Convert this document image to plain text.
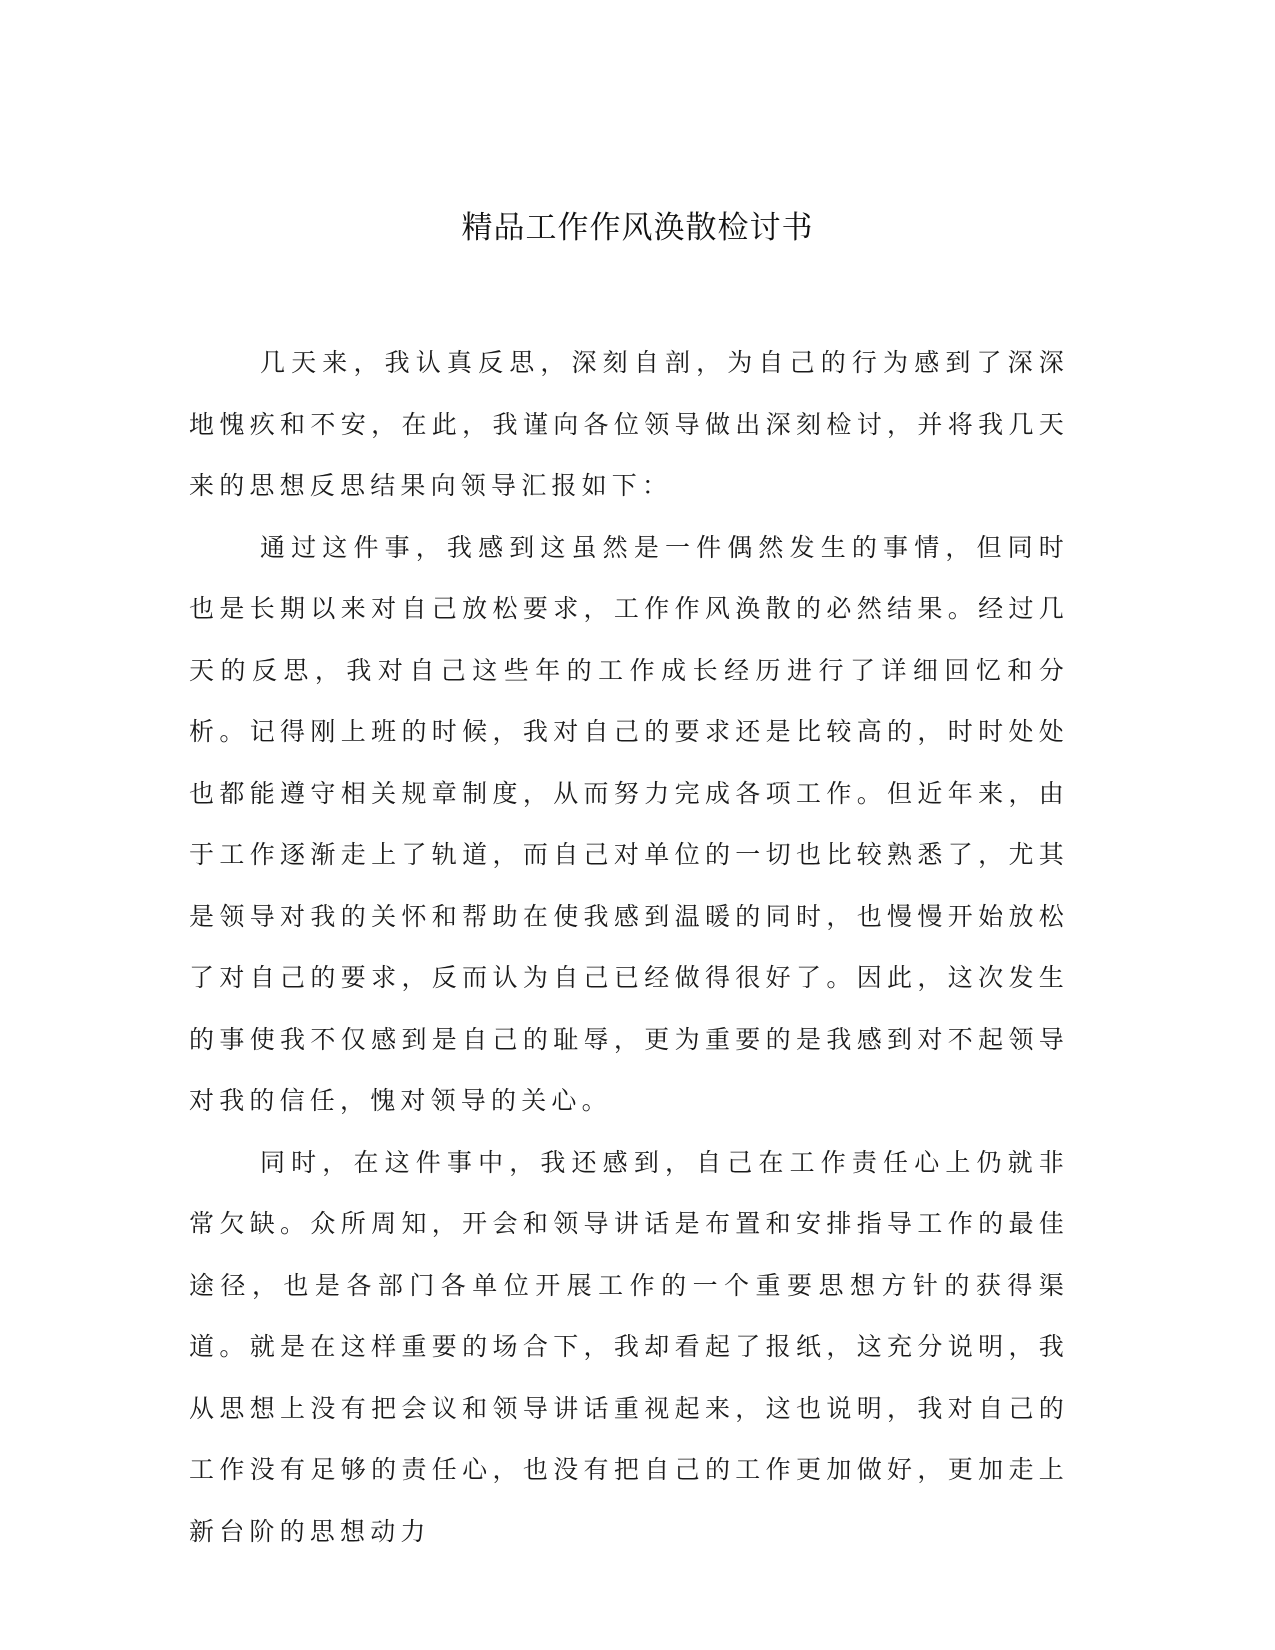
精品工作作风涣散检讨书

几天来，我认真反思，深刻自剖，为自己的行为感到了深深地愧疚和不安，在此，我谨向各位领导做出深刻检讨，并将我几天来的思想反思结果向领导汇报如下：

通过这件事，我感到这虽然是一件偶然发生的事情，但同时也是长期以来对自己放松要求，工作作风涣散的必然结果。经过几天的反思，我对自己这些年的工作成长经历进行了详细回忆和分析。记得刚上班的时候，我对自己的要求还是比较高的，时时处处也都能遵守相关规章制度，从而努力完成各项工作。但近年来，由于工作逐渐走上了轨道，而自己对单位的一切也比较熟悉了，尤其是领导对我的关怀和帮助在使我感到温暖的同时，也慢慢开始放松了对自己的要求，反而认为自己已经做得很好了。因此，这次发生的事使我不仅感到是自己的耻辱，更为重要的是我感到对不起领导对我的信任，愧对领导的关心。

同时，在这件事中，我还感到，自己在工作责任心上仍就非常欠缺。众所周知，开会和领导讲话是布置和安排指导工作的最佳途径，也是各部门各单位开展工作的一个重要思想方针的获得渠道。就是在这样重要的场合下，我却看起了报纸，这充分说明，我从思想上没有把会议和领导讲话重视起来，这也说明，我对自己的工作没有足够的责任心，也没有把自己的工作更加做好，更加走上新台阶的思想动力
